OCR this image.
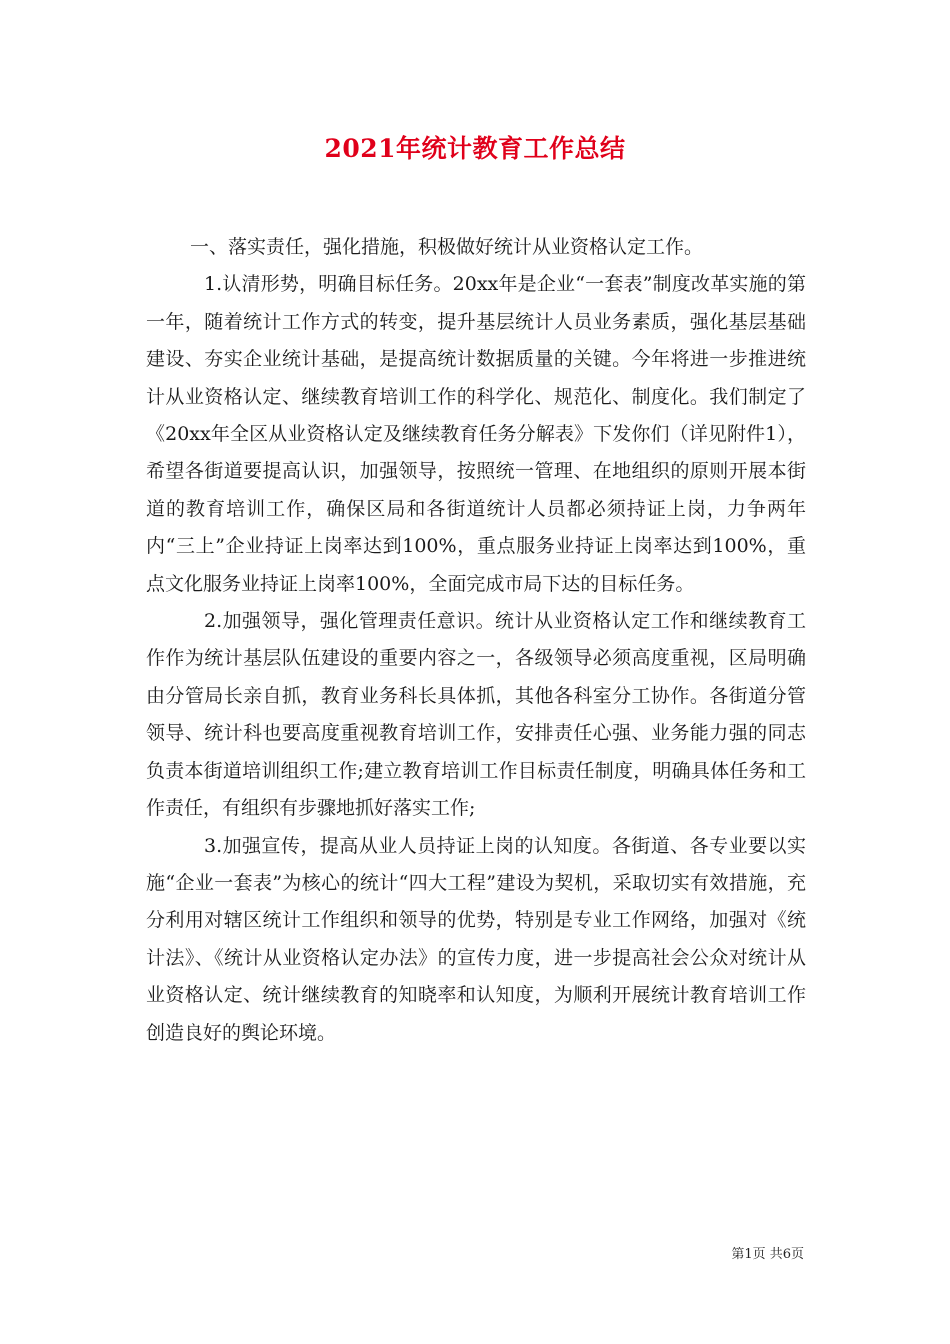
2021年统计教育工作总结

一、落实责任，强化措施，积极做好统计从业资格认定工作。

1.认清形势，明确目标任务。20xx年是企业“一套表”制度改革实施的第一年，随着统计工作方式的转变，提升基层统计人员业务素质，强化基层基础建设、夯实企业统计基础，是提高统计数据质量的关键。今年将进一步推进统计从业资格认定、继续教育培训工作的科学化、规范化、制度化。我们制定了《20xx年全区从业资格认定及继续教育任务分解表》下发你们（详见附件1），希望各街道要提高认识，加强领导，按照统一管理、在地组织的原则开展本街道的教育培训工作，确保区局和各街道统计人员都必须持证上岗，力争两年内“三上”企业持证上岗率达到100%，重点服务业持证上岗率达到100%，重点文化服务业持证上岗率100%，全面完成市局下达的目标任务。

2.加强领导，强化管理责任意识。统计从业资格认定工作和继续教育工作作为统计基层队伍建设的重要内容之一，各级领导必须高度重视，区局明确由分管局长亲自抓，教育业务科长具体抓，其他各科室分工协作。各街道分管领导、统计科也要高度重视教育培训工作，安排责任心强、业务能力强的同志负责本街道培训组织工作;建立教育培训工作目标责任制度，明确具体任务和工作责任，有组织有步骤地抓好落实工作;

3.加强宣传，提高从业人员持证上岗的认知度。各街道、各专业要以实施“企业一套表”为核心的统计“四大工程”建设为契机，采取切实有效措施，充分利用对辖区统计工作组织和领导的优势，特别是专业工作网络，加强对《统计法》、《统计从业资格认定办法》的宣传力度，进一步提高社会公众对统计从业资格认定、统计继续教育的知晓率和认知度，为顺利开展统计教育培训工作创造良好的舆论环境。

第1页 共6页
